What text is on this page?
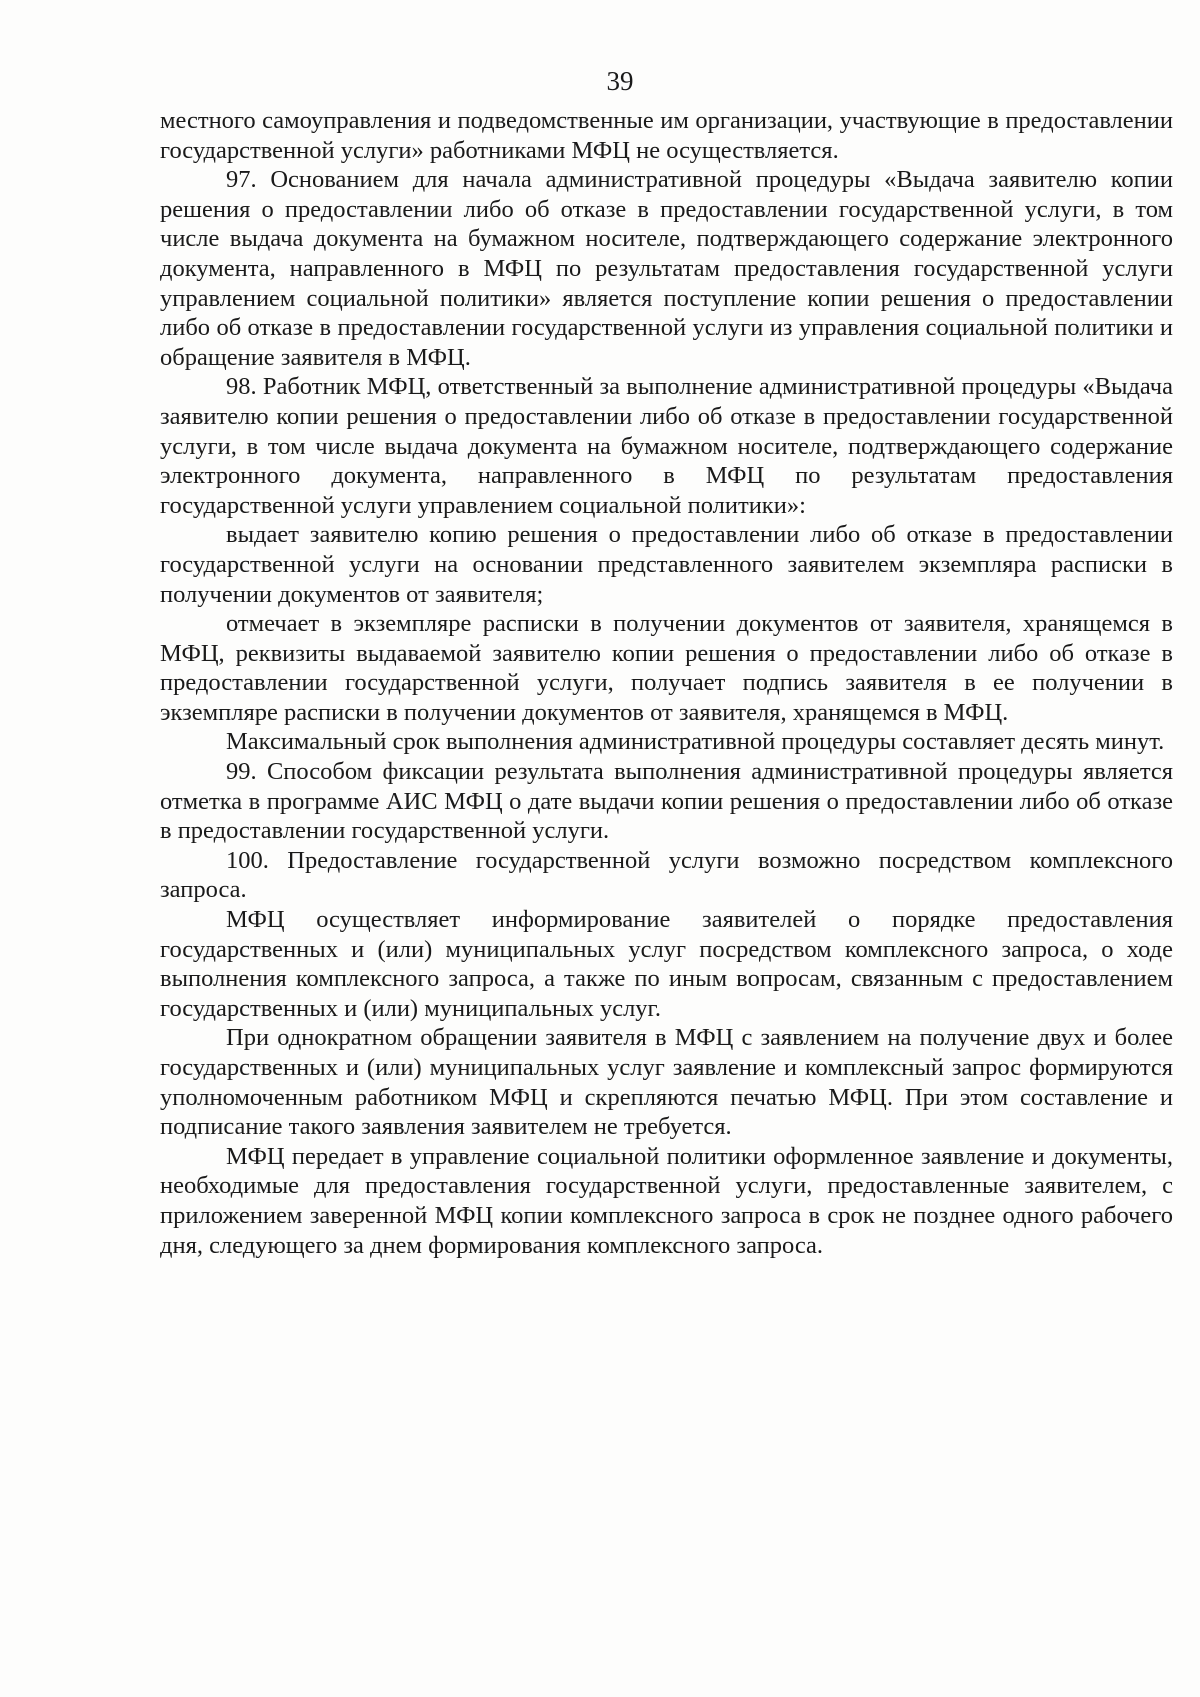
39

местного самоуправления и подведомственные им организации, участвующие в предоставлении государственной услуги» работниками МФЦ не осуществляется.

97. Основанием для начала административной процедуры «Выдача заявителю копии решения о предоставлении либо об отказе в предоставлении государственной услуги, в том числе выдача документа на бумажном носителе, подтверждающего содержание электронного документа, направленного в МФЦ по результатам предоставления государственной услуги управлением социальной политики» является поступление копии решения о предоставлении либо об отказе в предоставлении государственной услуги из управления социальной политики и обращение заявителя в МФЦ.

98. Работник МФЦ, ответственный за выполнение административной процедуры «Выдача заявителю копии решения о предоставлении либо об отказе в предоставлении государственной услуги, в том числе выдача документа на бумажном носителе, подтверждающего содержание электронного документа, направленного в МФЦ по результатам предоставления государственной услуги управлением социальной политики»:

выдает заявителю копию решения о предоставлении либо об отказе в предоставлении государственной услуги на основании представленного заявителем экземпляра расписки в получении документов от заявителя;

отмечает в экземпляре расписки в получении документов от заявителя, хранящемся в МФЦ, реквизиты выдаваемой заявителю копии решения о предоставлении либо об отказе в предоставлении государственной услуги, получает подпись заявителя в ее получении в экземпляре расписки в получении документов от заявителя, хранящемся в МФЦ.

Максимальный срок выполнения административной процедуры составляет десять минут.

99. Способом фиксации результата выполнения административной процедуры является отметка в программе АИС МФЦ о дате выдачи копии решения о предоставлении либо об отказе в предоставлении государственной услуги.

100. Предоставление государственной услуги возможно посредством комплексного запроса.

МФЦ осуществляет информирование заявителей о порядке предоставления государственных и (или) муниципальных услуг посредством комплексного запроса, о ходе выполнения комплексного запроса, а также по иным вопросам, связанным с предоставлением государственных и (или) муниципальных услуг.

При однократном обращении заявителя в МФЦ с заявлением на получение двух и более государственных и (или) муниципальных услуг заявление и комплексный запрос формируются уполномоченным работником МФЦ и скрепляются печатью МФЦ. При этом составление и подписание такого заявления заявителем не требуется.

МФЦ передает в управление социальной политики оформленное заявление и документы, необходимые для предоставления государственной услуги, предоставленные заявителем, с приложением заверенной МФЦ копии комплексного запроса в срок не позднее одного рабочего дня, следующего за днем формирования комплексного запроса.
